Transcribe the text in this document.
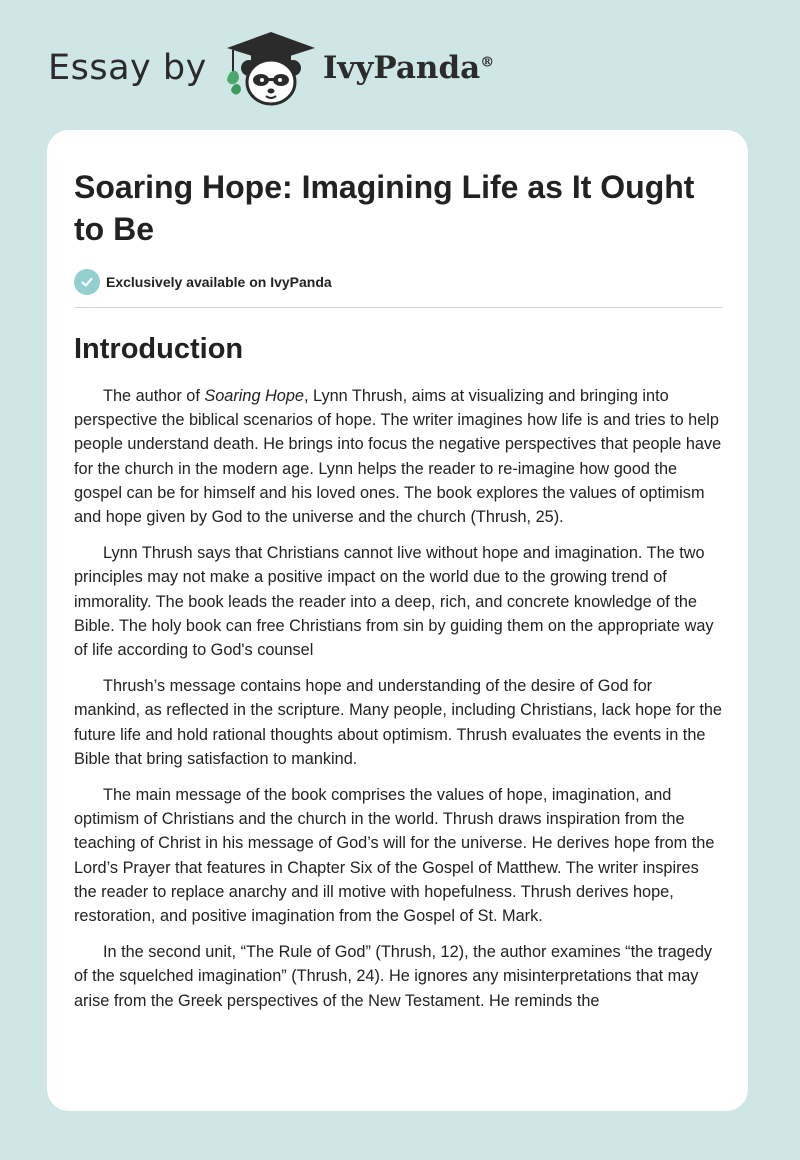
Essay by	IvyPanda®
Soaring Hope: Imagining Life as It Ought to Be
Exclusively available on IvyPanda
Introduction

The author of Soaring Hope, Lynn Thrush, aims at visualizing and bringing into perspective the biblical scenarios of hope. The writer imagines how life is and tries to help people understand death. He brings into focus the negative perspectives that people have for the church in the modern age. Lynn helps the reader to re-imagine how good the gospel can be for himself and his loved ones. The book explores the values of optimism and hope given by God to the universe and the church (Thrush, 25).

Lynn Thrush says that Christians cannot live without hope and imagination. The two principles may not make a positive impact on the world due to the growing trend of immorality. The book leads the reader into a deep, rich, and concrete knowledge of the Bible. The holy book can free Christians from sin by guiding them on the appropriate way of life according to God's counsel

Thrush’s message contains hope and understanding of the desire of God for mankind, as reflected in the scripture. Many people, including Christians, lack hope for the future life and hold rational thoughts about optimism. Thrush evaluates the events in the Bible that bring satisfaction to mankind.

The main message of the book comprises the values of hope, imagination, and optimism of Christians and the church in the world. Thrush draws inspiration from the teaching of Christ in his message of God’s will for the universe. He derives hope from the Lord’s Prayer that features in Chapter Six of the Gospel of Matthew. The writer inspires the reader to replace anarchy and ill motive with hopefulness. Thrush derives hope, restoration, and positive imagination from the Gospel of St. Mark.

In the second unit, “The Rule of God” (Thrush, 12), the author examines “the tragedy of the squelched imagination” (Thrush, 24). He ignores any misinterpretations that may arise from the Greek perspectives of the New Testament. He reminds the
